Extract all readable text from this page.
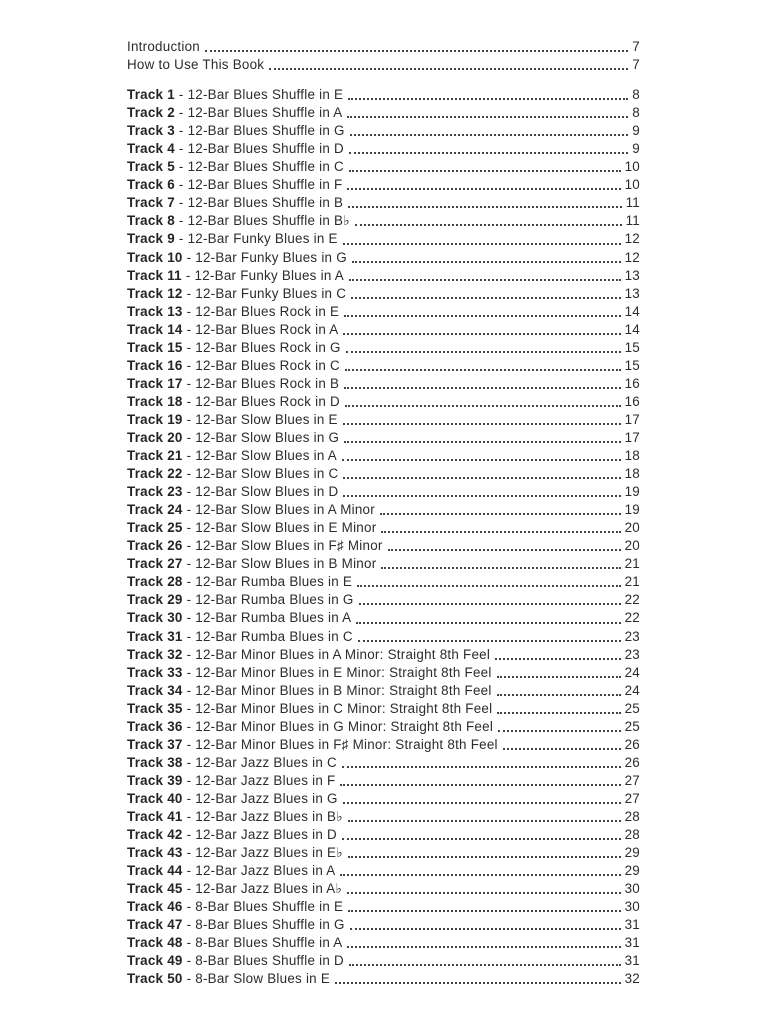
Introduction	7
How to Use This Book	7
Track 1 - 12-Bar Blues Shuffle in E	8
Track 2 - 12-Bar Blues Shuffle in A	8
Track 3 - 12-Bar Blues Shuffle in G	9
Track 4 - 12-Bar Blues Shuffle in D	9
Track 5 - 12-Bar Blues Shuffle in C	10
Track 6 - 12-Bar Blues Shuffle in F	10
Track 7 - 12-Bar Blues Shuffle in B	11
Track 8 - 12-Bar Blues Shuffle in B♭	11
Track 9 - 12-Bar Funky Blues in E	12
Track 10 - 12-Bar Funky Blues in G	12
Track 11 - 12-Bar Funky Blues in A	13
Track 12 - 12-Bar Funky Blues in C	13
Track 13 - 12-Bar Blues Rock in E	14
Track 14 - 12-Bar Blues Rock in A	14
Track 15 - 12-Bar Blues Rock in G	15
Track 16 - 12-Bar Blues Rock in C	15
Track 17 - 12-Bar Blues Rock in B	16
Track 18 - 12-Bar Blues Rock in D	16
Track 19 - 12-Bar Slow Blues in E	17
Track 20 - 12-Bar Slow Blues in G	17
Track 21 - 12-Bar Slow Blues in A	18
Track 22 - 12-Bar Slow Blues in C	18
Track 23 - 12-Bar Slow Blues in D	19
Track 24 - 12-Bar Slow Blues in A Minor	19
Track 25 - 12-Bar Slow Blues in E Minor	20
Track 26 - 12-Bar Slow Blues in F♯ Minor	20
Track 27 - 12-Bar Slow Blues in B Minor	21
Track 28 - 12-Bar Rumba Blues in E	21
Track 29 - 12-Bar Rumba Blues in G	22
Track 30 - 12-Bar Rumba Blues in A	22
Track 31 - 12-Bar Rumba Blues in C	23
Track 32 - 12-Bar Minor Blues in A Minor: Straight 8th Feel	23
Track 33 - 12-Bar Minor Blues in E Minor: Straight 8th Feel	24
Track 34 - 12-Bar Minor Blues in B Minor: Straight 8th Feel	24
Track 35 - 12-Bar Minor Blues in C Minor: Straight 8th Feel	25
Track 36 - 12-Bar Minor Blues in G Minor: Straight 8th Feel	25
Track 37 - 12-Bar Minor Blues in F♯ Minor: Straight 8th Feel	26
Track 38 - 12-Bar Jazz Blues in C	26
Track 39 - 12-Bar Jazz Blues in F	27
Track 40 - 12-Bar Jazz Blues in G	27
Track 41 - 12-Bar Jazz Blues in B♭	28
Track 42 - 12-Bar Jazz Blues in D	28
Track 43 - 12-Bar Jazz Blues in E♭	29
Track 44 - 12-Bar Jazz Blues in A	29
Track 45 - 12-Bar Jazz Blues in A♭	30
Track 46 - 8-Bar Blues Shuffle in E	30
Track 47 - 8-Bar Blues Shuffle in G	31
Track 48 - 8-Bar Blues Shuffle in A	31
Track 49 - 8-Bar Blues Shuffle in D	31
Track 50 - 8-Bar Slow Blues in E	32
